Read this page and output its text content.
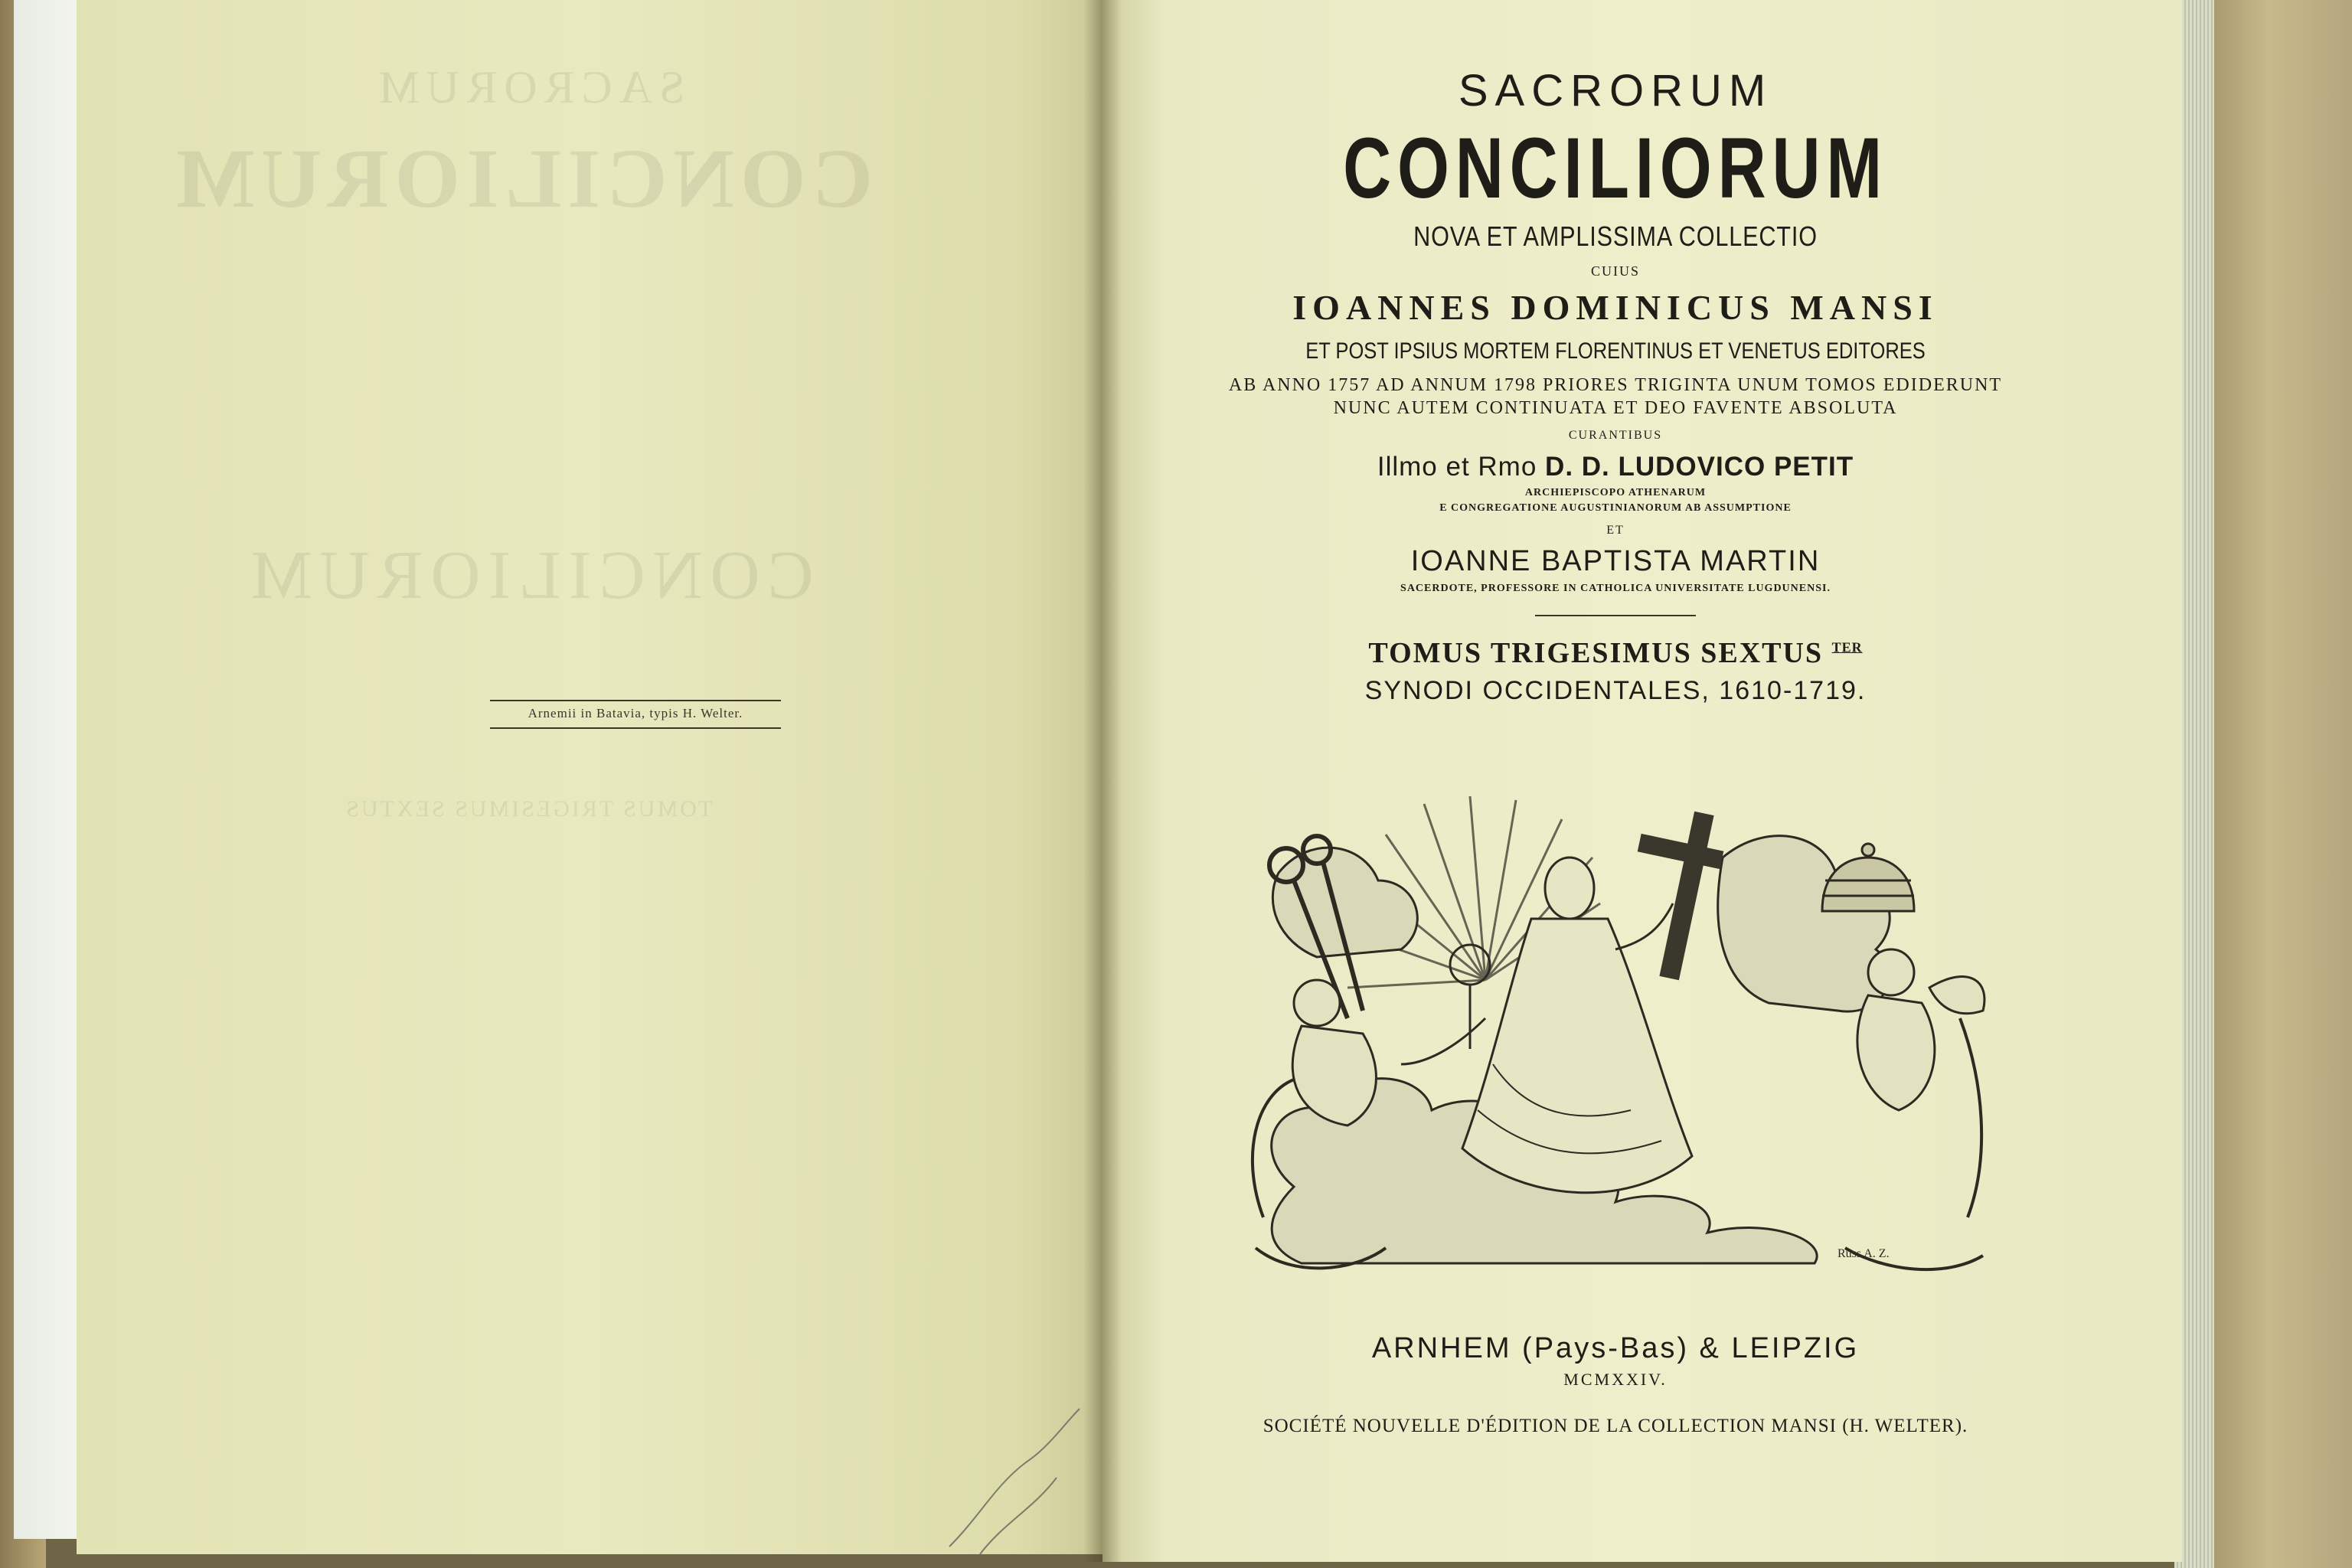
SACRORUM
CONCILIORUM
CONCILIORUM
TOMUS TRIGESIMUS SEXTUS
Arnemii in Batavia, typis H. Welter.

SACRORUM

CONCILIORUM

NOVA ET AMPLISSIMA COLLECTIO

CUIUS

IOANNES DOMINICUS MANSI

ET POST IPSIUS MORTEM FLORENTINUS ET VENETUS EDITORES

AB ANNO 1757 AD ANNUM 1798 PRIORES TRIGINTA UNUM TOMOS EDIDERUNT

NUNC AUTEM CONTINUATA ET DEO FAVENTE ABSOLUTA

CURANTIBUS

Illmo et Rmo D. D. LUDOVICO PETIT

ARCHIEPISCOPO ATHENARUM

E CONGREGATIONE AUGUSTINIANORUM AB ASSUMPTIONE

ET

IOANNE BAPTISTA MARTIN

SACERDOTE, PROFESSORE IN CATHOLICA UNIVERSITATE LUGDUNENSI.

TOMUS TRIGESIMUS SEXTUS $^{TER}$

SYNODI OCCIDENTALES, 1610-1719.

Russ A. Z.

ARNHEM (Pays-Bas) & LEIPZIG

MCMXXIV.

SOCIÉTÉ NOUVELLE D'ÉDITION DE LA COLLECTION MANSI (H. WELTER).
